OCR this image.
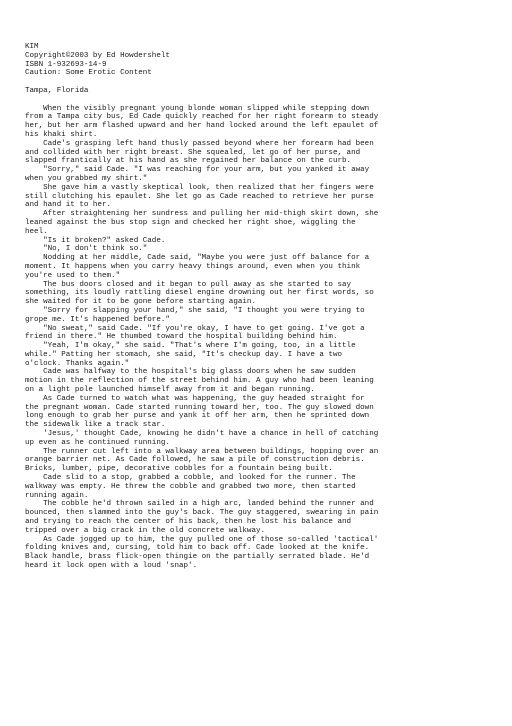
KIM
Copyright©2003 by Ed Howdershelt
ISBN 1-932693-14-9
Caution: Some Erotic Content
Tampa, Florida
When the visibly pregnant young blonde woman slipped while stepping down
from a Tampa city bus, Ed Cade quickly reached for her right forearm to steady
her, but her arm flashed upward and her hand locked around the left epaulet of
his khaki shirt.
Cade's grasping left hand thusly passed beyond where her forearm had been
and collided with her right breast. She squealed, let go of her purse, and
slapped frantically at his hand as she regained her balance on the curb.
"Sorry," said Cade. "I was reaching for your arm, but you yanked it away
when you grabbed my shirt."
She gave him a vastly skeptical look, then realized that her fingers were
still clutching his epaulet. She let go as Cade reached to retrieve her purse
and hand it to her.
After straightening her sundress and pulling her mid-thigh skirt down, she
leaned against the bus stop sign and checked her right shoe, wiggling the
heel.
"Is it broken?" asked Cade.
"No, I don't think so."
Nodding at her middle, Cade said, "Maybe you were just off balance for a
moment. It happens when you carry heavy things around, even when you think
you're used to them."
The bus doors closed and it began to pull away as she started to say
something, its loudly rattling diesel engine drowning out her first words, so
she waited for it to be gone before starting again.
"Sorry for slapping your hand," she said, "I thought you were trying to
grope me. It's happened before."
"No sweat," said Cade. "If you're okay, I have to get going. I've got a
friend in there." He thumbed toward the hospital building behind him.
"Yeah, I'm okay," she said. "That's where I'm going, too, in a little
while." Patting her stomach, she said, "It's checkup day. I have a two
o'clock. Thanks again."
Cade was halfway to the hospital's big glass doors when he saw sudden
motion in the reflection of the street behind him. A guy who had been leaning
on a light pole launched himself away from it and began running.
As Cade turned to watch what was happening, the guy headed straight for
the pregnant woman. Cade started running toward her, too. The guy slowed down
long enough to grab her purse and yank it off her arm, then he sprinted down
the sidewalk like a track star.
'Jesus,' thought Cade, knowing he didn't have a chance in hell of catching
up even as he continued running.
The runner cut left into a walkway area between buildings, hopping over an
orange barrier net. As Cade followed, he saw a pile of construction debris.
Bricks, lumber, pipe, decorative cobbles for a fountain being built.
Cade slid to a stop, grabbed a cobble, and looked for the runner. The
walkway was empty. He threw the cobble and grabbed two more, then started
running again.
The cobble he'd thrown sailed in a high arc, landed behind the runner and
bounced, then slammed into the guy's back. The guy staggered, swearing in pain
and trying to reach the center of his back, then he lost his balance and
tripped over a big crack in the old concrete walkway.
As Cade jogged up to him, the guy pulled one of those so-called 'tactical'
folding knives and, cursing, told him to back off. Cade looked at the knife.
Black handle, brass flick-open thingie on the partially serrated blade. He'd
heard it lock open with a loud 'snap'.
